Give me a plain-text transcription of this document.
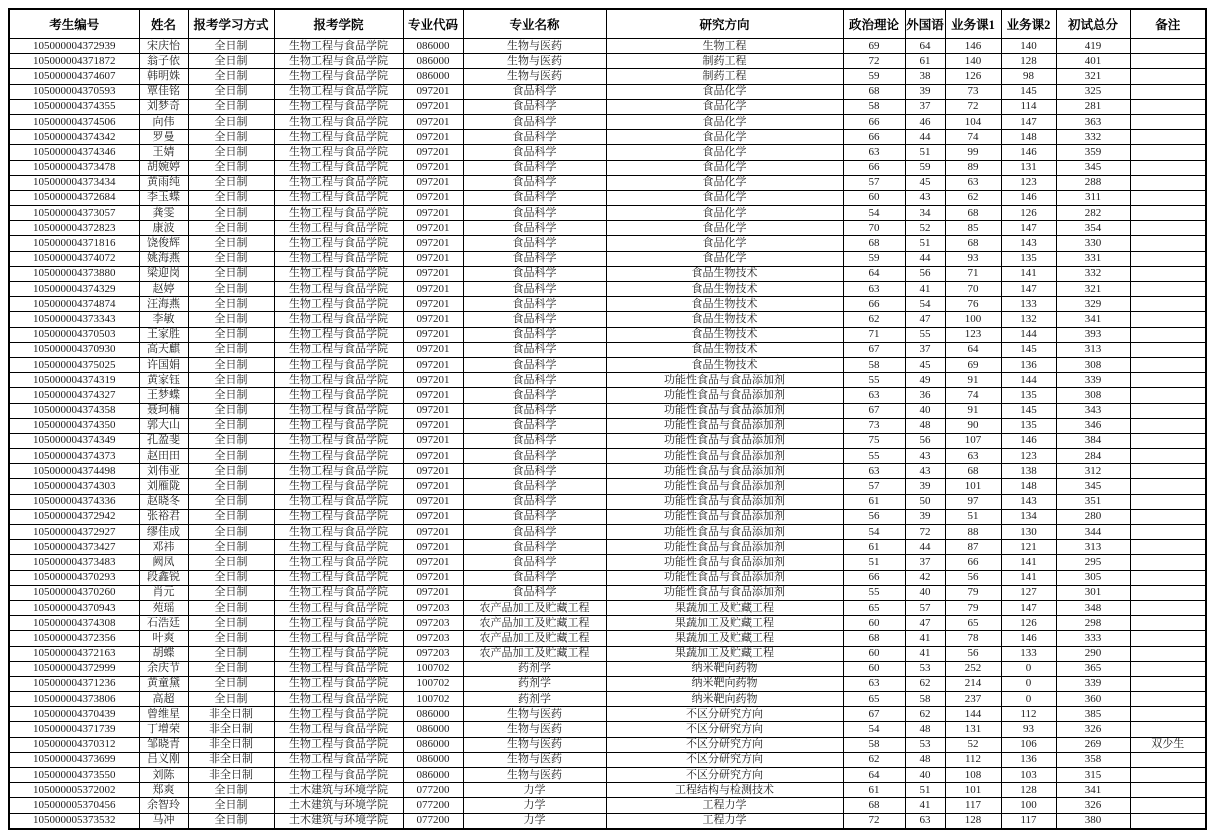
考生编号	姓名	报考学习方式	报考学院	专业代码	专业名称	研究方向	政治理论	外国语	业务课1	业务课2	初试总分	备注
105000004372939	宋庆怡	全日制	生物工程与食品学院	086000	生物与医药	生物工程	69	64	146	140	419	
105000004371872	翁子依	全日制	生物工程与食品学院	086000	生物与医药	制药工程	72	61	140	128	401	
105000004374607	韩明姝	全日制	生物工程与食品学院	086000	生物与医药	制药工程	59	38	126	98	321	
105000004370593	覃佳铭	全日制	生物工程与食品学院	097201	食品科学	食品化学	68	39	73	145	325	
105000004374355	刘梦奇	全日制	生物工程与食品学院	097201	食品科学	食品化学	58	37	72	114	281	
105000004374506	向伟	全日制	生物工程与食品学院	097201	食品科学	食品化学	66	46	104	147	363	
105000004374342	罗曼	全日制	生物工程与食品学院	097201	食品科学	食品化学	66	44	74	148	332	
105000004374346	王婧	全日制	生物工程与食品学院	097201	食品科学	食品化学	63	51	99	146	359	
105000004373478	胡婉婷	全日制	生物工程与食品学院	097201	食品科学	食品化学	66	59	89	131	345	
105000004373434	黄雨纯	全日制	生物工程与食品学院	097201	食品科学	食品化学	57	45	63	123	288	
105000004372684	李玉蝶	全日制	生物工程与食品学院	097201	食品科学	食品化学	60	43	62	146	311	
105000004373057	龚雯	全日制	生物工程与食品学院	097201	食品科学	食品化学	54	34	68	126	282	
105000004372823	康波	全日制	生物工程与食品学院	097201	食品科学	食品化学	70	52	85	147	354	
105000004371816	饶俊辉	全日制	生物工程与食品学院	097201	食品科学	食品化学	68	51	68	143	330	
105000004374072	姚海燕	全日制	生物工程与食品学院	097201	食品科学	食品化学	59	44	93	135	331	
105000004373880	梁迎岗	全日制	生物工程与食品学院	097201	食品科学	食品生物技术	64	56	71	141	332	
105000004374329	赵婷	全日制	生物工程与食品学院	097201	食品科学	食品生物技术	63	41	70	147	321	
105000004374874	汪海燕	全日制	生物工程与食品学院	097201	食品科学	食品生物技术	66	54	76	133	329	
105000004373343	李敏	全日制	生物工程与食品学院	097201	食品科学	食品生物技术	62	47	100	132	341	
105000004370503	王家胜	全日制	生物工程与食品学院	097201	食品科学	食品生物技术	71	55	123	144	393	
105000004370930	高天麒	全日制	生物工程与食品学院	097201	食品科学	食品生物技术	67	37	64	145	313	
105000004375025	许国娟	全日制	生物工程与食品学院	097201	食品科学	食品生物技术	58	45	69	136	308	
105000004374319	黄家钰	全日制	生物工程与食品学院	097201	食品科学	功能性食品与食品添加剂	55	49	91	144	339	
105000004374327	王梦蝶	全日制	生物工程与食品学院	097201	食品科学	功能性食品与食品添加剂	63	36	74	135	308	
105000004374358	聂珂楠	全日制	生物工程与食品学院	097201	食品科学	功能性食品与食品添加剂	67	40	91	145	343	
105000004374350	郭大山	全日制	生物工程与食品学院	097201	食品科学	功能性食品与食品添加剂	73	48	90	135	346	
105000004374349	孔盈斐	全日制	生物工程与食品学院	097201	食品科学	功能性食品与食品添加剂	75	56	107	146	384	
105000004374373	赵田田	全日制	生物工程与食品学院	097201	食品科学	功能性食品与食品添加剂	55	43	63	123	284	
105000004374498	刘伟亚	全日制	生物工程与食品学院	097201	食品科学	功能性食品与食品添加剂	63	43	68	138	312	
105000004374303	刘雁陇	全日制	生物工程与食品学院	097201	食品科学	功能性食品与食品添加剂	57	39	101	148	345	
105000004374336	赵晓冬	全日制	生物工程与食品学院	097201	食品科学	功能性食品与食品添加剂	61	50	97	143	351	
105000004372942	张裕君	全日制	生物工程与食品学院	097201	食品科学	功能性食品与食品添加剂	56	39	51	134	280	
105000004372927	缪佳成	全日制	生物工程与食品学院	097201	食品科学	功能性食品与食品添加剂	54	72	88	130	344	
105000004373427	邓祎	全日制	生物工程与食品学院	097201	食品科学	功能性食品与食品添加剂	61	44	87	121	313	
105000004373483	阙凤	全日制	生物工程与食品学院	097201	食品科学	功能性食品与食品添加剂	51	37	66	141	295	
105000004370293	段鑫锐	全日制	生物工程与食品学院	097201	食品科学	功能性食品与食品添加剂	66	42	56	141	305	
105000004370260	肖元	全日制	生物工程与食品学院	097201	食品科学	功能性食品与食品添加剂	55	40	79	127	301	
105000004370943	苑瑶	全日制	生物工程与食品学院	097203	农产品加工及贮藏工程	果蔬加工及贮藏工程	65	57	79	147	348	
105000004374308	石浩廷	全日制	生物工程与食品学院	097203	农产品加工及贮藏工程	果蔬加工及贮藏工程	60	47	65	126	298	
105000004372356	叶爽	全日制	生物工程与食品学院	097203	农产品加工及贮藏工程	果蔬加工及贮藏工程	68	41	78	146	333	
105000004372163	胡蝶	全日制	生物工程与食品学院	097203	农产品加工及贮藏工程	果蔬加工及贮藏工程	60	41	56	133	290	
105000004372999	余庆节	全日制	生物工程与食品学院	100702	药剂学	纳米靶向药物	60	53	252	0	365	
105000004371236	黄童黛	全日制	生物工程与食品学院	100702	药剂学	纳米靶向药物	63	62	214	0	339	
105000004373806	高超	全日制	生物工程与食品学院	100702	药剂学	纳米靶向药物	65	58	237	0	360	
105000004370439	曾维星	非全日制	生物工程与食品学院	086000	生物与医药	不区分研究方向	67	62	144	112	385	
105000004371739	丁增荣	非全日制	生物工程与食品学院	086000	生物与医药	不区分研究方向	54	48	131	93	326	
105000004370312	邹晓青	非全日制	生物工程与食品学院	086000	生物与医药	不区分研究方向	58	53	52	106	269	双少生
105000004373699	吕义刚	非全日制	生物工程与食品学院	086000	生物与医药	不区分研究方向	62	48	112	136	358	
105000004373550	刘陈	非全日制	生物工程与食品学院	086000	生物与医药	不区分研究方向	64	40	108	103	315	
105000005372002	郑爽	全日制	土木建筑与环境学院	077200	力学	工程结构与检测技术	61	51	101	128	341	
105000005370456	余智玲	全日制	土木建筑与环境学院	077200	力学	工程力学	68	41	117	100	326	
105000005373532	马冲	全日制	土木建筑与环境学院	077200	力学	工程力学	72	63	128	117	380	
